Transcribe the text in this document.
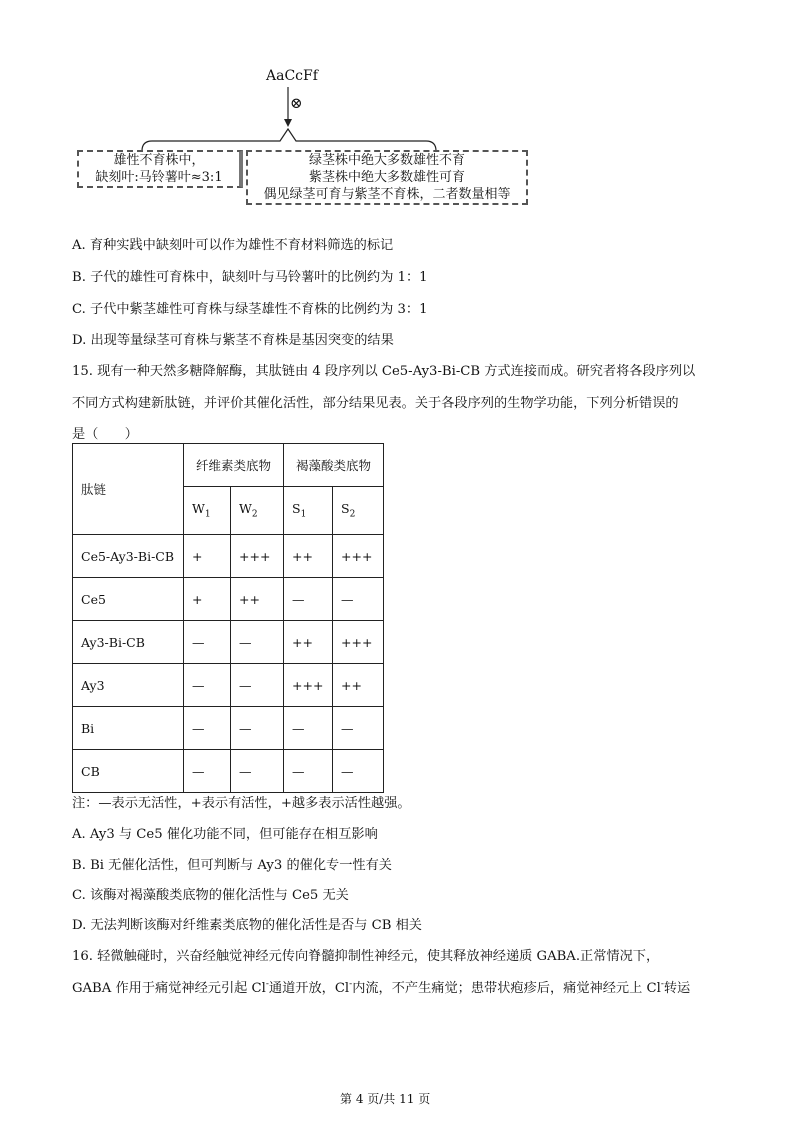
AaCcFf
⊗
雄性不育株中，
缺刻叶:马铃薯叶≈3:1
绿茎株中绝大多数雄性不育
紫茎株中绝大多数雄性可育
偶见绿茎可育与紫茎不育株，二者数量相等
A. 育种实践中缺刻叶可以作为雄性不育材料筛选的标记
B. 子代的雄性可育株中，缺刻叶与马铃薯叶的比例约为 1：1
C. 子代中紫茎雄性可育株与绿茎雄性不育株的比例约为 3：1
D. 出现等量绿茎可育株与紫茎不育株是基因突变的结果
15. 现有一种天然多糖降解酶，其肽链由 4 段序列以 Ce5-Ay3-Bi-CB 方式连接而成。研究者将各段序列以
不同方式构建新肽链，并评价其催化活性，部分结果见表。关于各段序列的生物学功能，下列分析错误的
是（　　）
肽链	纤维素类底物		褐藻酸类底物	
	$W_1$	$W_2$	$S_1$	$S_2$
Ce5-Ay3-Bi-CB	+	+++	++	+++
Ce5	+	++	—	—
Ay3-Bi-CB	—	—	++	+++
Ay3	—	—	+++	++
Bi	—	—	—	—
CB	—	—	—	—
注：—表示无活性，+表示有活性，+越多表示活性越强。
A. Ay3 与 Ce5 催化功能不同，但可能存在相互影响
B. Bi 无催化活性，但可判断与 Ay3 的催化专一性有关
C. 该酶对褐藻酸类底物的催化活性与 Ce5 无关
D. 无法判断该酶对纤维素类底物的催化活性是否与 CB 相关
16. 轻微触碰时，兴奋经触觉神经元传向脊髓抑制性神经元，使其释放神经递质 GABA.正常情况下，
GABA 作用于痛觉神经元引起 Cl-通道开放，Cl-内流，不产生痛觉；患带状疱疹后，痛觉神经元上 Cl-转运
第 4 页/共 11 页
